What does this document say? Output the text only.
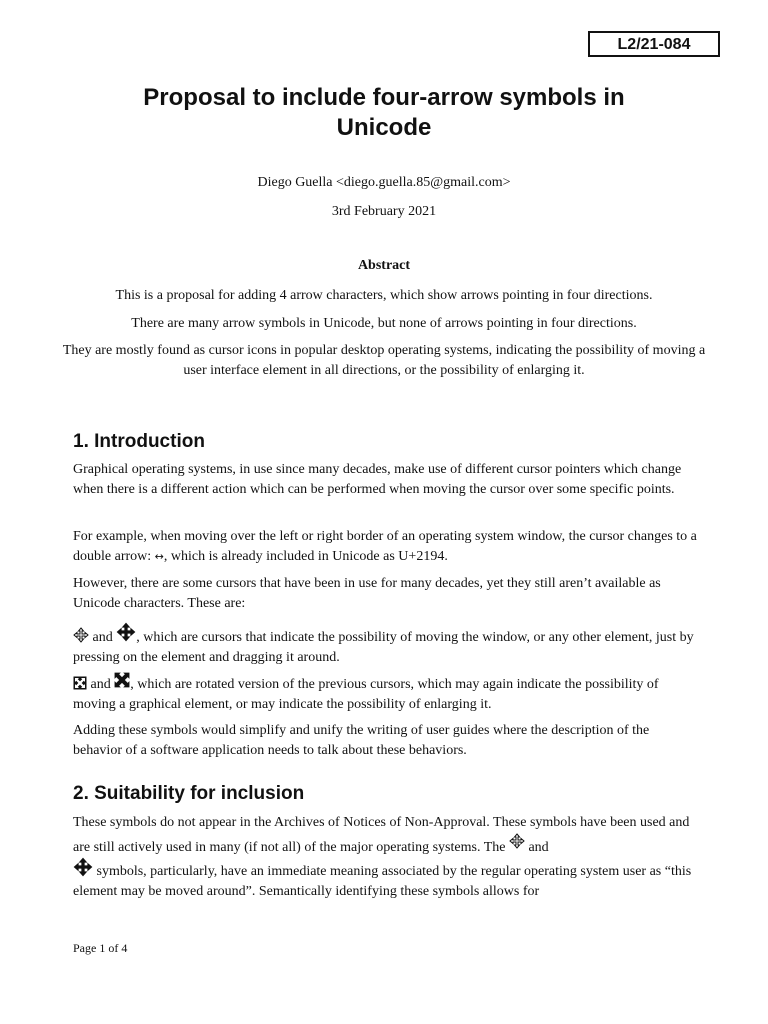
L2/21-084
Proposal to include four-arrow symbols in Unicode
Diego Guella <diego.guella.85@gmail.com>
3rd February 2021
Abstract
This is a proposal for adding 4 arrow characters, which show arrows pointing in four directions.
There are many arrow symbols in Unicode, but none of arrows pointing in four directions.
They are mostly found as cursor icons in popular desktop operating systems, indicating the possibility of moving a user interface element in all directions, or the possibility of enlarging it.
1. Introduction

Graphical operating systems, in use since many decades, make use of different cursor pointers which change when there is a different action which can be performed when moving the cursor over some specific points.

For example, when moving over the left or right border of an operating system window, the cursor changes to a double arrow: ↔, which is already included in Unicode as U+2194.

However, there are some cursors that have been in use for many decades, yet they still aren’t available as Unicode characters. These are:

and , which are cursors that indicate the possibility of moving the window, or any other element, just by pressing on the element and dragging it around.

and , which are rotated version of the previous cursors, which may again indicate the possibility of moving a graphical element, or may indicate the possibility of enlarging it.

Adding these symbols would simplify and unify the writing of user guides where the description of the behavior of a software application needs to talk about these behaviors.

2. Suitability for inclusion

These symbols do not appear in the Archives of Notices of Non-Approval. These symbols have been used and are still actively used in many (if not all) of the major operating systems. The  and
symbols, particularly, have an immediate meaning associated by the regular operating system user as “this element may be moved around”. Semantically identifying these symbols allows for

Page 1 of 4
